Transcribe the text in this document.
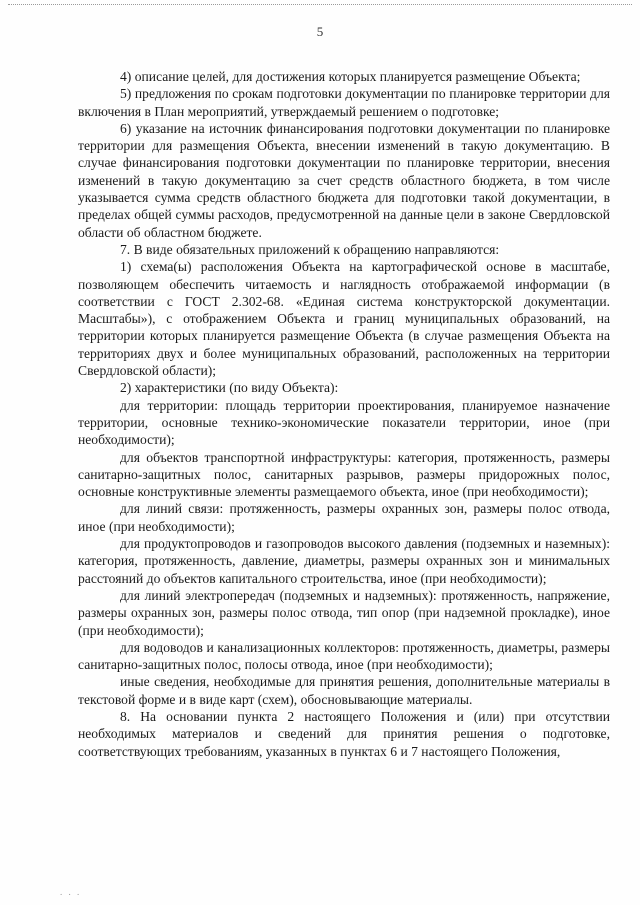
5

4) описание целей, для достижения которых планируется размещение Объекта;

5) предложения по срокам подготовки документации по планировке территории для включения в План мероприятий, утверждаемый решением о подготовке;

6) указание на источник финансирования подготовки документации по планировке территории для размещения Объекта, внесении изменений в такую документацию. В случае финансирования подготовки документации по планировке территории, внесения изменений в такую документацию за счет средств областного бюджета, в том числе указывается сумма средств областного бюджета для подготовки такой документации, в пределах общей суммы расходов, предусмотренной на данные цели в законе Свердловской области об областном бюджете.

7. В виде обязательных приложений к обращению направляются:

1) схема(ы) расположения Объекта на картографической основе в масштабе, позволяющем обеспечить читаемость и наглядность отображаемой информации (в соответствии с ГОСТ 2.302-68. «Единая система конструкторской документации. Масштабы»), с отображением Объекта и границ муниципальных образований, на территории которых планируется размещение Объекта (в случае размещения Объекта на территориях двух и более муниципальных образований, расположенных на территории Свердловской области);

2) характеристики (по виду Объекта):

для территории: площадь территории проектирования, планируемое назначение территории, основные технико-экономические показатели территории, иное (при необходимости);

для объектов транспортной инфраструктуры: категория, протяженность, размеры санитарно-защитных полос, санитарных разрывов, размеры придорожных полос, основные конструктивные элементы размещаемого объекта, иное (при необходимости);

для линий связи: протяженность, размеры охранных зон, размеры полос отвода, иное (при необходимости);

для продуктопроводов и газопроводов высокого давления (подземных и наземных): категория, протяженность, давление, диаметры, размеры охранных зон и минимальных расстояний до объектов капитального строительства, иное (при необходимости);

для линий электропередач (подземных и надземных): протяженность, напряжение, размеры охранных зон, размеры полос отвода, тип опор (при надземной прокладке), иное (при необходимости);

для водоводов и канализационных коллекторов: протяженность, диаметры, размеры санитарно-защитных полос, полосы отвода, иное (при необходимости);

иные сведения, необходимые для принятия решения, дополнительные материалы в текстовой форме и в виде карт (схем), обосновывающие материалы.

8. На основании пункта 2 настоящего Положения и (или) при отсутствии необходимых материалов и сведений для принятия решения о подготовке, соответствующих требованиям, указанных в пунктах 6 и 7 настоящего Положения,

. . .
